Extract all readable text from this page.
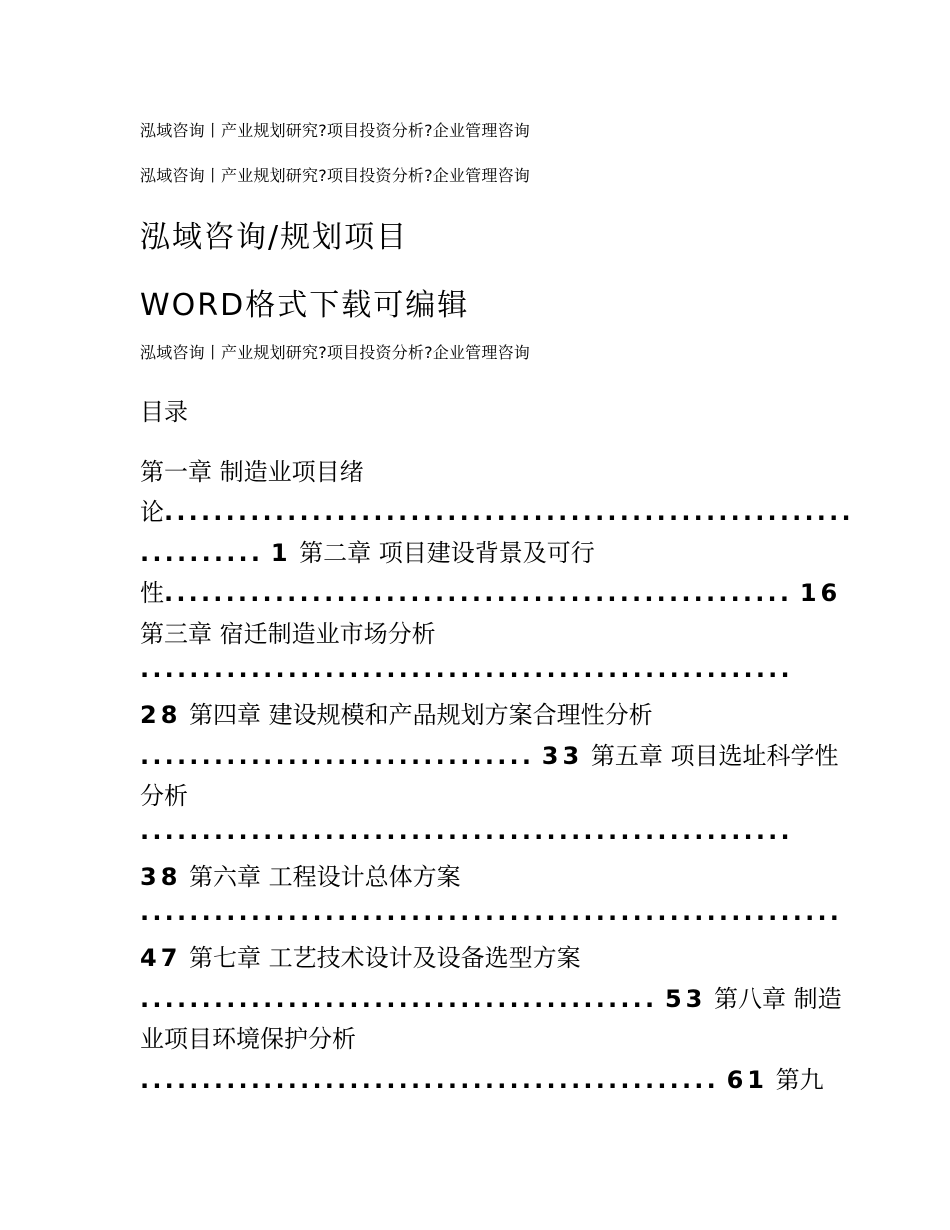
泓域咨询丨产业规划研究?项目投资分析?企业管理咨询
泓域咨询丨产业规划研究?项目投资分析?企业管理咨询
泓域咨询/规划项目
WORD格式下载可编辑
泓域咨询丨产业规划研究?项目投资分析?企业管理咨询
目录
第一章 制造业项目绪
论........................................................
.......... 1 第二章 项目建设背景及可行
性................................................... 16
第三章 宿迁制造业市场分析
.....................................................
28 第四章 建设规模和产品规划方案合理性分析
................................ 33 第五章 项目选址科学性
分析
.....................................................
38 第六章 工程设计总体方案
.........................................................
47 第七章 工艺技术设计及设备选型方案
.......................................... 53 第八章 制造
业项目环境保护分析
............................................... 61 第九
